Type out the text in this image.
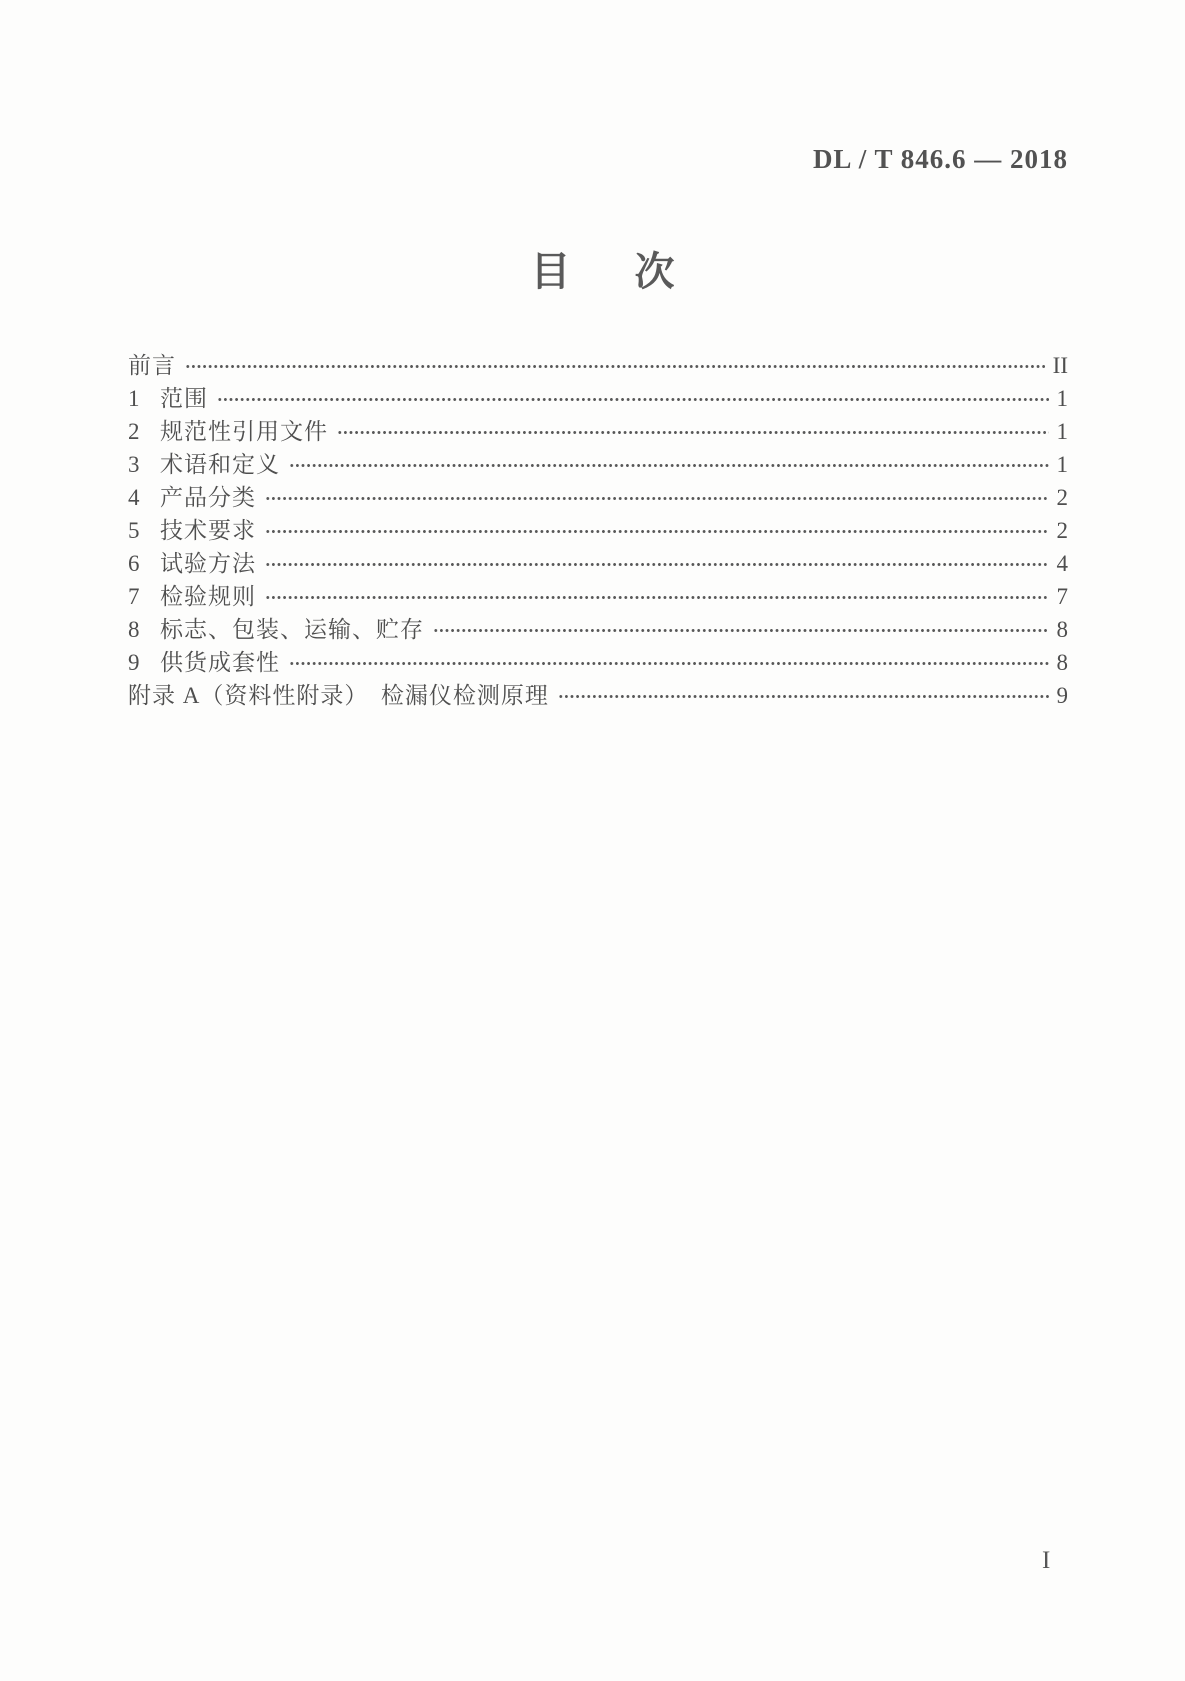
DL / T 846.6 — 2018
目　次
前言	II
1 范围	1
2 规范性引用文件	1
3 术语和定义	1
4 产品分类	2
5 技术要求	2
6 试验方法	4
7 检验规则	7
8 标志、包装、运输、贮存	8
9 供货成套性	8
附录 A（资料性附录）　检漏仪检测原理	9
I
